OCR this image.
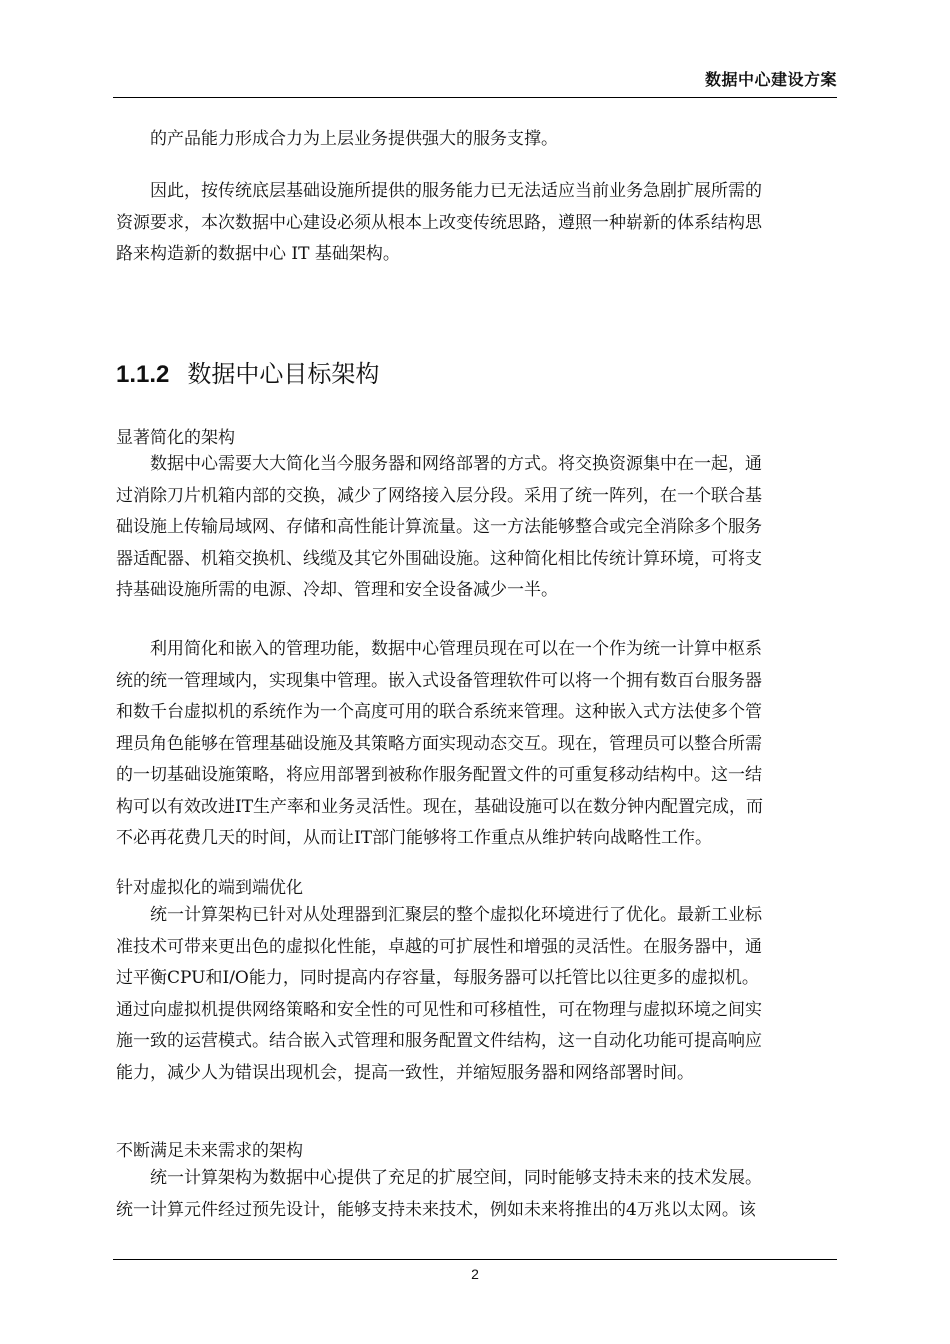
数据中心建设方案

的产品能力形成合力为上层业务提供强大的服务支撑。

因此，按传统底层基础设施所提供的服务能力已无法适应当前业务急剧扩展所需的

资源要求，本次数据中心建设必须从根本上改变传统思路，遵照一种崭新的体系结构思
路来构造新的数据中心 IT 基础架构。
1.1.2 数据中心目标架构
显著简化的架构
数据中心需要大大简化当今服务器和网络部署的方式。将交换资源集中在一起，通
过消除刀片机箱内部的交换，减少了网络接入层分段。采用了统一阵列，在一个联合基
础设施上传输局域网、存储和高性能计算流量。这一方法能够整合或完全消除多个服务
器适配器、机箱交换机、线缆及其它外围础设施。这种简化相比传统计算环境，可将支
持基础设施所需的电源、冷却、管理和安全设备减少一半。
利用简化和嵌入的管理功能，数据中心管理员现在可以在一个作为统一计算中枢系
统的统一管理域内，实现集中管理。嵌入式设备管理软件可以将一个拥有数百台服务器
和数千台虚拟机的系统作为一个高度可用的联合系统来管理。这种嵌入式方法使多个管
理员角色能够在管理基础设施及其策略方面实现动态交互。现在，管理员可以整合所需
的一切基础设施策略，将应用部署到被称作服务配置文件的可重复移动结构中。这一结
构可以有效改进IT生产率和业务灵活性。现在，基础设施可以在数分钟内配置完成，而
不必再花费几天的时间，从而让IT部门能够将工作重点从维护转向战略性工作。
针对虚拟化的端到端优化
统一计算架构已针对从处理器到汇聚层的整个虚拟化环境进行了优化。最新工业标
准技术可带来更出色的虚拟化性能，卓越的可扩展性和增强的灵活性。在服务器中，通
过平衡CPU和I/O能力，同时提高内存容量，每服务器可以托管比以往更多的虚拟机。
通过向虚拟机提供网络策略和安全性的可见性和可移植性，可在物理与虚拟环境之间实
施一致的运营模式。结合嵌入式管理和服务配置文件结构，这一自动化功能可提高响应
能力，减少人为错误出现机会，提高一致性，并缩短服务器和网络部署时间。
不断满足未来需求的架构
统一计算架构为数据中心提供了充足的扩展空间，同时能够支持未来的技术发展。
统一计算元件经过预先设计，能够支持未来技术，例如未来将推出的4万兆以太网。该
2
